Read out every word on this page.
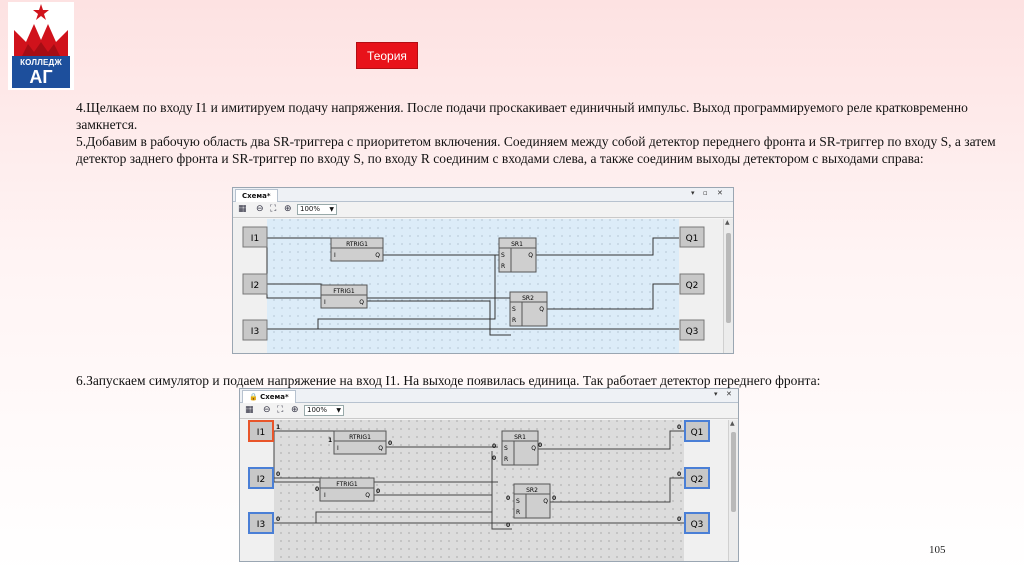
КОЛЛЕДЖ
АГ
Теория
4.Щелкаем по входу I1 и имитируем подачу напряжения. После подачи проскакивает единичный импульс. Выход программируемого реле кратковременно замкнется.
5.Добавим в рабочую область два SR-триггера с приоритетом включения. Соединяем между собой детектор переднего фронта и SR-триггер по входу S, а затем детектор заднего фронта и SR-триггер по входу S, по входу R соединим с входами слева, а также соединим выходы детектором с выходами справа:
6.Запускаем симулятор и подаем напряжение на вход I1. На выходе появилась единица. Так работает детектор переднего фронта:
Схема*	▾ ▫ ✕
▦ ⊖ ⛶ ⊕	100% ▼
I1
I2
I3
Q1
Q2
Q3
RTRIG1
I	Q
FTRIG1
I	Q
SR1
S
R
Q
SR2
S
R
Q
▲
🔒 Схема*	▾ ✕
▦ ⊖ ⛶ ⊕	100% ▼
1
1	0
0
0	0
0
0
0
0
0
0
0
0
0
0
I1
I2
I3
Q1
Q2
Q3
RTRIG1
I	Q
FTRIG1
I	Q
SR1
S
R
Q
SR2
S
R
Q
▲
105
